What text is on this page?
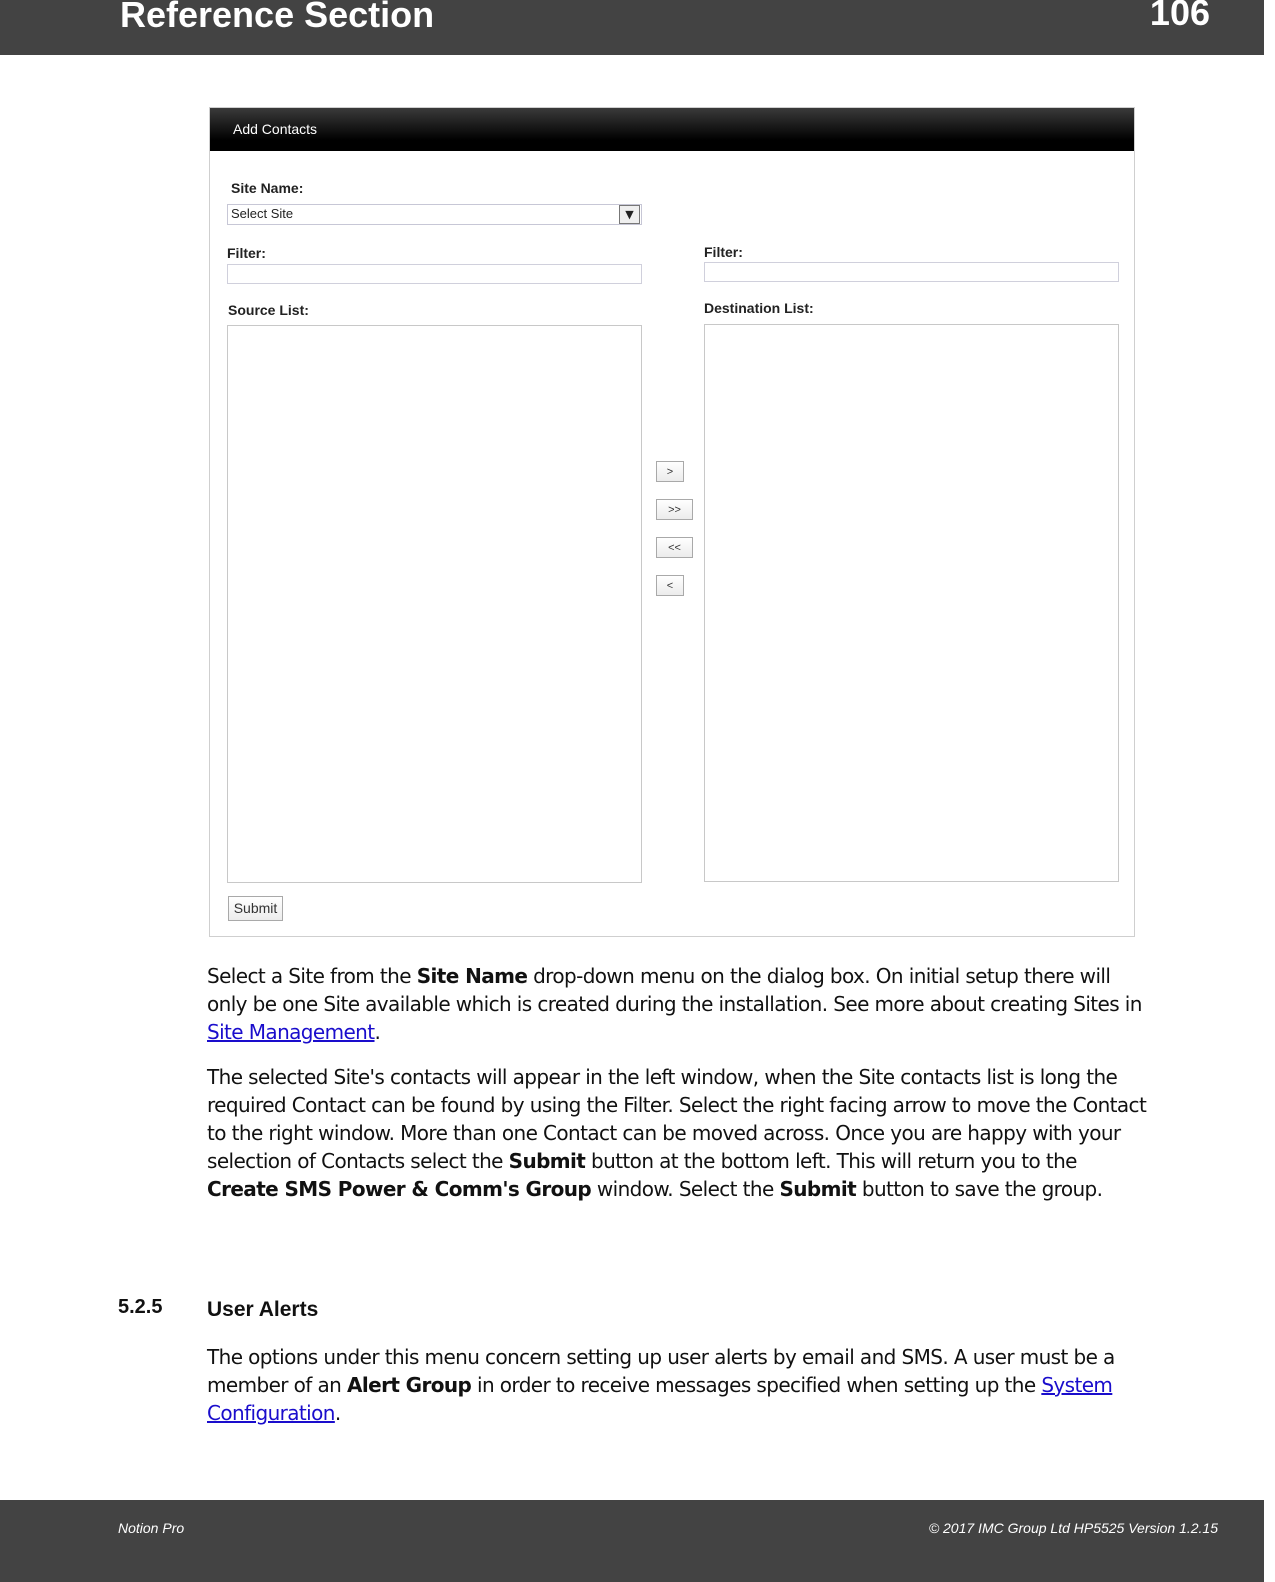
Reference Section	106
Add Contacts
Site Name:
Select Site	▼
Filter:	Filter:
Source List:	Destination List:
>
>>
<<
<
Submit

Select a Site from the Site Name drop-down menu on the dialog box. On initial setup there will only be one Site available which is created during the installation. See more about creating Sites in Site Management.

The selected Site's contacts will appear in the left window, when the Site contacts list is long the required Contact can be found by using the Filter. Select the right facing arrow to move the Contact to the right window. More than one Contact can be moved across. Once you are happy with your selection of Contacts select the Submit button at the bottom left. This will return you to the Create SMS Power & Comm's Group window. Select the Submit button to save the group.

5.2.5 User Alerts

The options under this menu concern setting up user alerts by email and SMS. A user must be a member of an Alert Group in order to receive messages specified when setting up the System Configuration.

Notion Pro	© 2017 IMC Group Ltd HP5525 Version 1.2.15
